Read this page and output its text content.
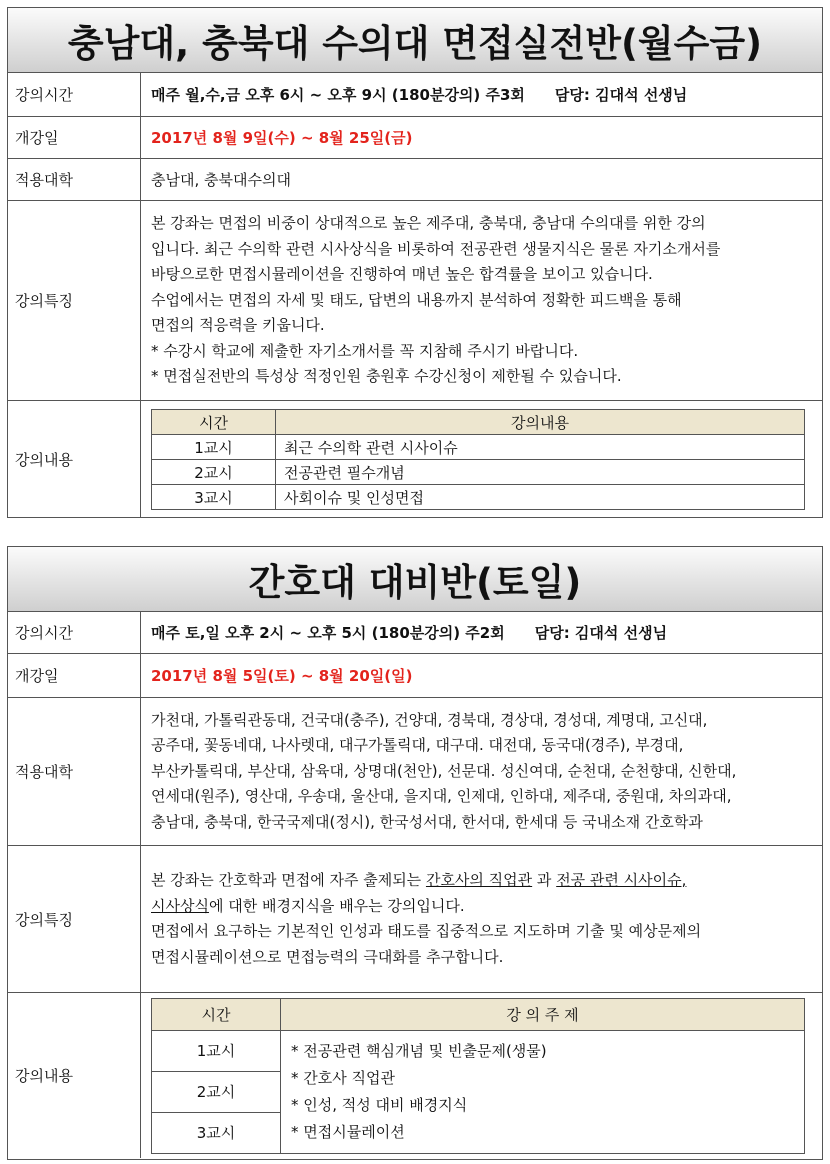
충남대, 충북대 수의대 면접실전반(월수금)
강의시간	매주 월,수,금 오후 6시 ~ 오후 9시 (180분강의) 주3회 담당: 김대석 선생님
개강일	2017년 8월 9일(수) ~ 8월 25일(금)
적용대학	충남대, 충북대수의대
강의특징

본 강좌는 면접의 비중이 상대적으로 높은 제주대, 충북대, 충남대 수의대를 위한 강의

입니다. 최근 수의학 관련 시사상식을 비롯하여 전공관련 생물지식은 물론 자기소개서를

바탕으로한 면접시뮬레이션을 진행하여 매년 높은 합격률을 보이고 있습니다.

수업에서는 면접의 자세 및 태도, 답변의 내용까지 분석하여 정확한 피드백을 통해

면접의 적응력을 키웁니다.

* 수강시 학교에 제출한 자기소개서를 꼭 지참해 주시기 바랍니다.

* 면접실전반의 특성상 적정인원 충원후 수강신청이 제한될 수 있습니다.

강의내용
시간	강의내용
1교시	최근 수의학 관련 시사이슈
2교시	전공관련 필수개념
3교시	사회이슈 및 인성면접
간호대 대비반(토일)
강의시간	매주 토,일 오후 2시 ~ 오후 5시 (180분강의) 주2회 담당: 김대석 선생님
개강일	2017년 8월 5일(토) ~ 8월 20일(일)
적용대학

가천대, 가톨릭관동대, 건국대(충주), 건양대, 경북대, 경상대, 경성대, 계명대, 고신대,

공주대, 꽃동네대, 나사렛대, 대구가톨릭대, 대구대. 대전대, 동국대(경주), 부경대,

부산카톨릭대, 부산대, 삼육대, 상명대(천안), 선문대. 성신여대, 순천대, 순천향대, 신한대,

연세대(원주), 영산대, 우송대, 울산대, 을지대, 인제대, 인하대, 제주대, 중원대, 차의과대,

충남대, 충북대, 한국국제대(정시), 한국성서대, 한서대, 한세대 등 국내소재 간호학과

강의특징

본 강좌는 간호학과 면접에 자주 출제되는 간호사의 직업관 과 전공 관련 시사이슈,

시사상식에 대한 배경지식을 배우는 강의입니다.

면접에서 요구하는 기본적인 인성과 태도를 집중적으로 지도하며 기출 및 예상문제의

면접시뮬레이션으로 면접능력의 극대화를 추구합니다.

강의내용
시간	강 의 주 제
1교시	* 전공관련 핵심개념 및 빈출문제(생물)
* 간호사 직업관
* 인성, 적성 대비 배경지식
* 면접시뮬레이션

2교시	
3교시	
